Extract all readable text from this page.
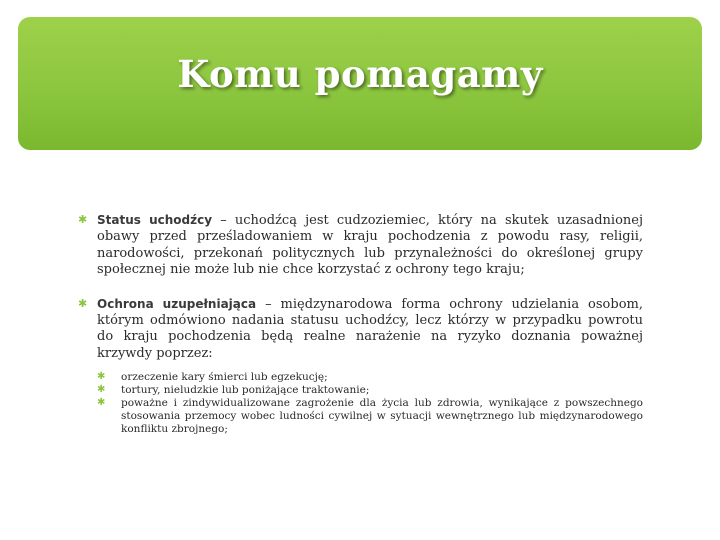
Komu pomagamy
✱ Status uchodźcy – uchodźcą jest cudzoziemiec, który na skutek uzasadnionej obawy przed prześladowaniem w kraju pochodzenia z powodu rasy, religii, narodowości, przekonań politycznych lub przynależności do określonej grupy społecznej nie może lub nie chce korzystać z ochrony tego kraju;
✱ Ochrona uzupełniająca – międzynarodowa forma ochrony udzielania osobom, którym odmówiono nadania statusu uchodźcy, lecz którzy w przypadku powrotu do kraju pochodzenia będą realne narażenie na ryzyko doznania poważnej krzywdy poprzez:
✱ orzeczenie kary śmierci lub egzekucję;
✱ tortury, nieludzkie lub poniżające traktowanie;
✱ poważne i zindywidualizowane zagrożenie dla życia lub zdrowia, wynikające z powszechnego stosowania przemocy wobec ludności cywilnej w sytuacji wewnętrznego lub międzynarodowego konfliktu zbrojnego;
